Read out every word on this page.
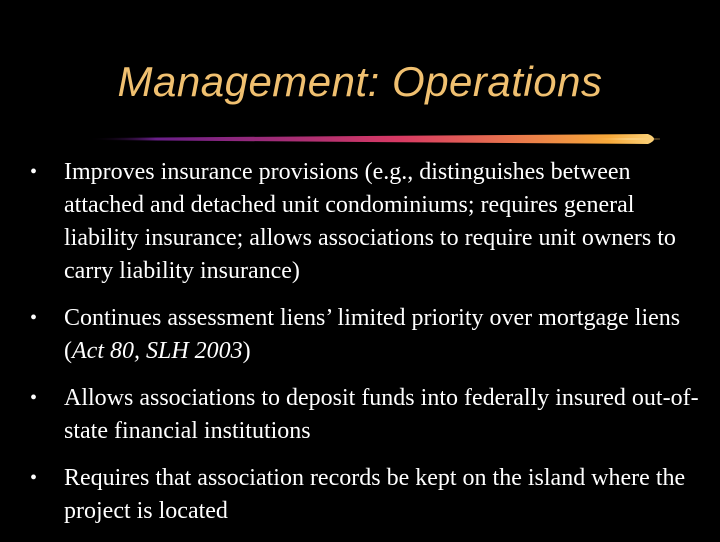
Management: Operations
•	Improves insurance provisions (e.g., distinguishes between attached and detached unit condominiums; requires general liability insurance; allows associations to require unit owners to carry liability insurance)
•	Continues assessment liens’ limited priority over mortgage liens (Act 80, SLH 2003)
•	Allows associations to deposit funds into federally insured out-of-state financial institutions
•	Requires that association records be kept on the island where the project is located
